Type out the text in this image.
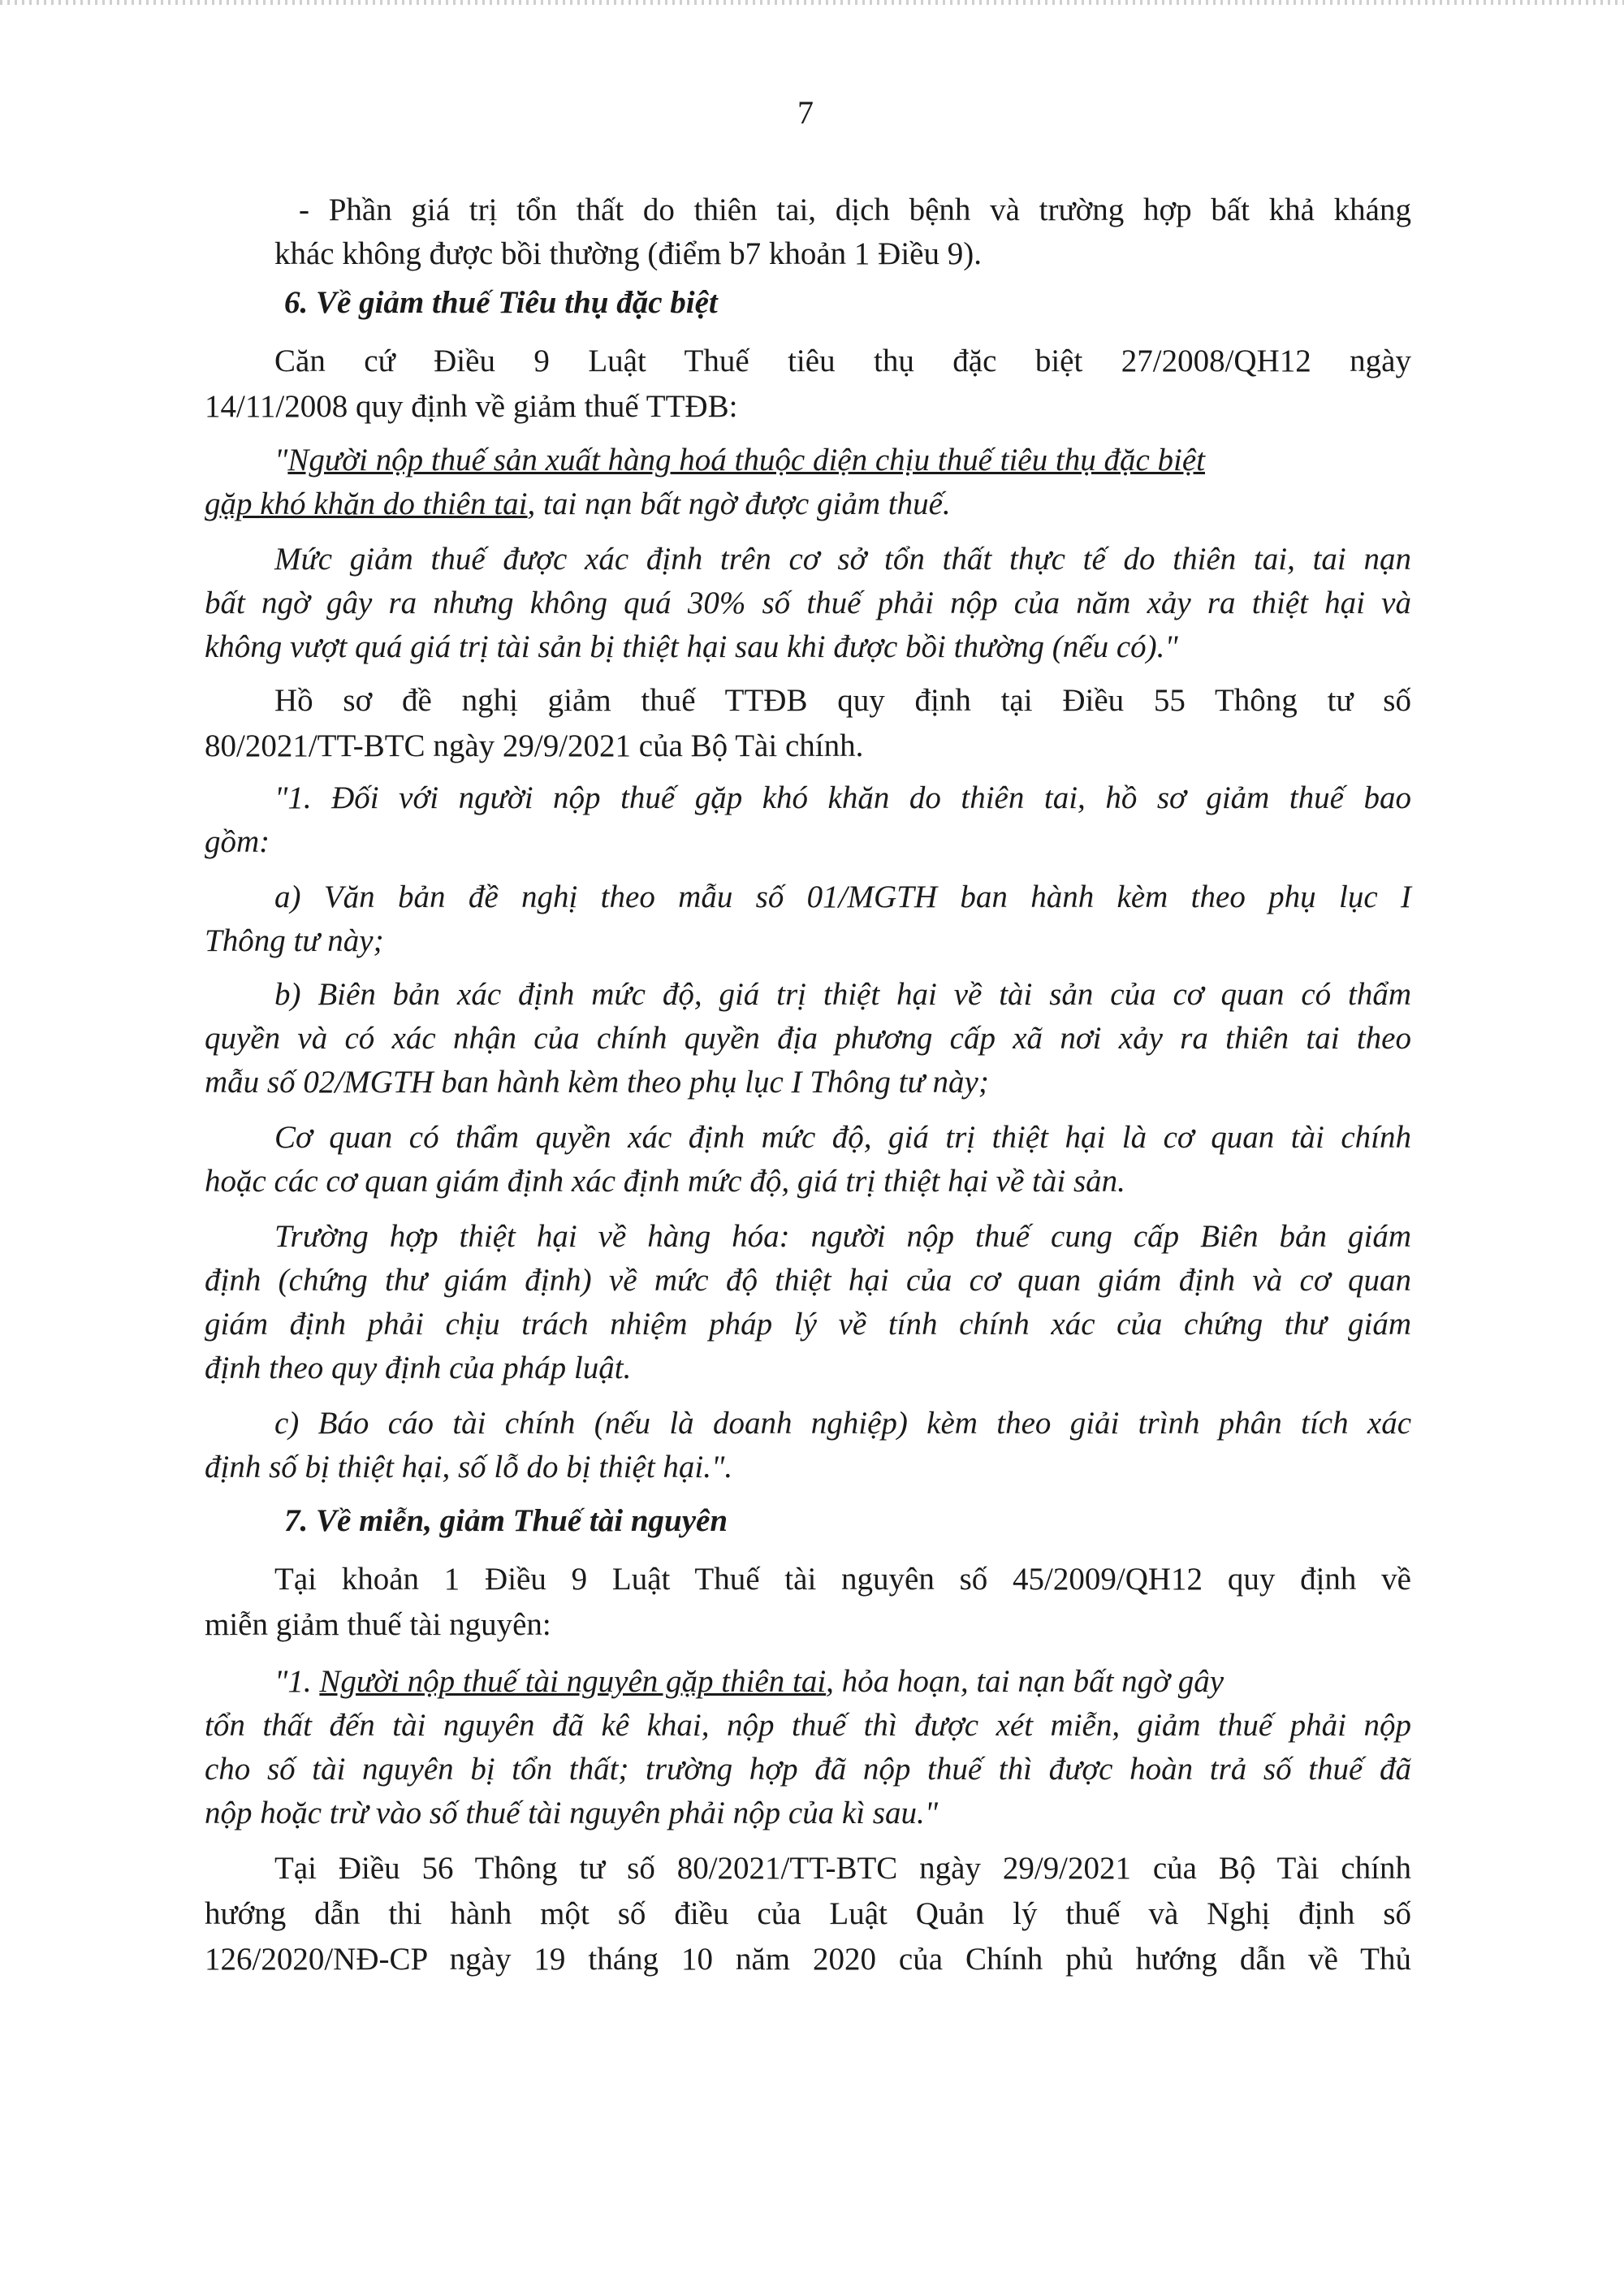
7
- Phần giá trị tổn thất do thiên tai, dịch bệnh và trường hợp bất khả kháng
khác không được bồi thường (điểm b7 khoản 1 Điều 9).
6. Về giảm thuế Tiêu thụ đặc biệt
Căn cứ Điều 9 Luật Thuế tiêu thụ đặc biệt 27/2008/QH12 ngày
14/11/2008 quy định về giảm thuế TTĐB:
"Người nộp thuế sản xuất hàng hoá thuộc diện chịu thuế tiêu thụ đặc biệt
gặp khó khăn do thiên tai, tai nạn bất ngờ được giảm thuế.
Mức giảm thuế được xác định trên cơ sở tổn thất thực tế do thiên tai, tai nạn
bất ngờ gây ra nhưng không quá 30% số thuế phải nộp của năm xảy ra thiệt hại và
không vượt quá giá trị tài sản bị thiệt hại sau khi được bồi thường (nếu có)."
Hồ sơ đề nghị giảm thuế TTĐB quy định tại Điều 55 Thông tư số
80/2021/TT-BTC ngày 29/9/2021 của Bộ Tài chính.
"1. Đối với người nộp thuế gặp khó khăn do thiên tai, hồ sơ giảm thuế bao
gồm:
a) Văn bản đề nghị theo mẫu số 01/MGTH ban hành kèm theo phụ lục I
Thông tư này;
b) Biên bản xác định mức độ, giá trị thiệt hại về tài sản của cơ quan có thẩm
quyền và có xác nhận của chính quyền địa phương cấp xã nơi xảy ra thiên tai theo
mẫu số 02/MGTH ban hành kèm theo phụ lục I Thông tư này;
Cơ quan có thẩm quyền xác định mức độ, giá trị thiệt hại là cơ quan tài chính
hoặc các cơ quan giám định xác định mức độ, giá trị thiệt hại về tài sản.
Trường hợp thiệt hại về hàng hóa: người nộp thuế cung cấp Biên bản giám
định (chứng thư giám định) về mức độ thiệt hại của cơ quan giám định và cơ quan
giám định phải chịu trách nhiệm pháp lý về tính chính xác của chứng thư giám
định theo quy định của pháp luật.
c) Báo cáo tài chính (nếu là doanh nghiệp) kèm theo giải trình phân tích xác
định số bị thiệt hại, số lỗ do bị thiệt hại.".
7. Về miễn, giảm Thuế tài nguyên
Tại khoản 1 Điều 9 Luật Thuế tài nguyên số 45/2009/QH12 quy định về
miễn giảm thuế tài nguyên:
"1. Người nộp thuế tài nguyên gặp thiên tai, hỏa hoạn, tai nạn bất ngờ gây
tổn thất đến tài nguyên đã kê khai, nộp thuế thì được xét miễn, giảm thuế phải nộp
cho số tài nguyên bị tổn thất; trường hợp đã nộp thuế thì được hoàn trả số thuế đã
nộp hoặc trừ vào số thuế tài nguyên phải nộp của kì sau."
Tại Điều 56 Thông tư số 80/2021/TT-BTC ngày 29/9/2021 của Bộ Tài chính
hướng dẫn thi hành một số điều của Luật Quản lý thuế và Nghị định số
126/2020/NĐ-CP ngày 19 tháng 10 năm 2020 của Chính phủ hướng dẫn về Thủ
